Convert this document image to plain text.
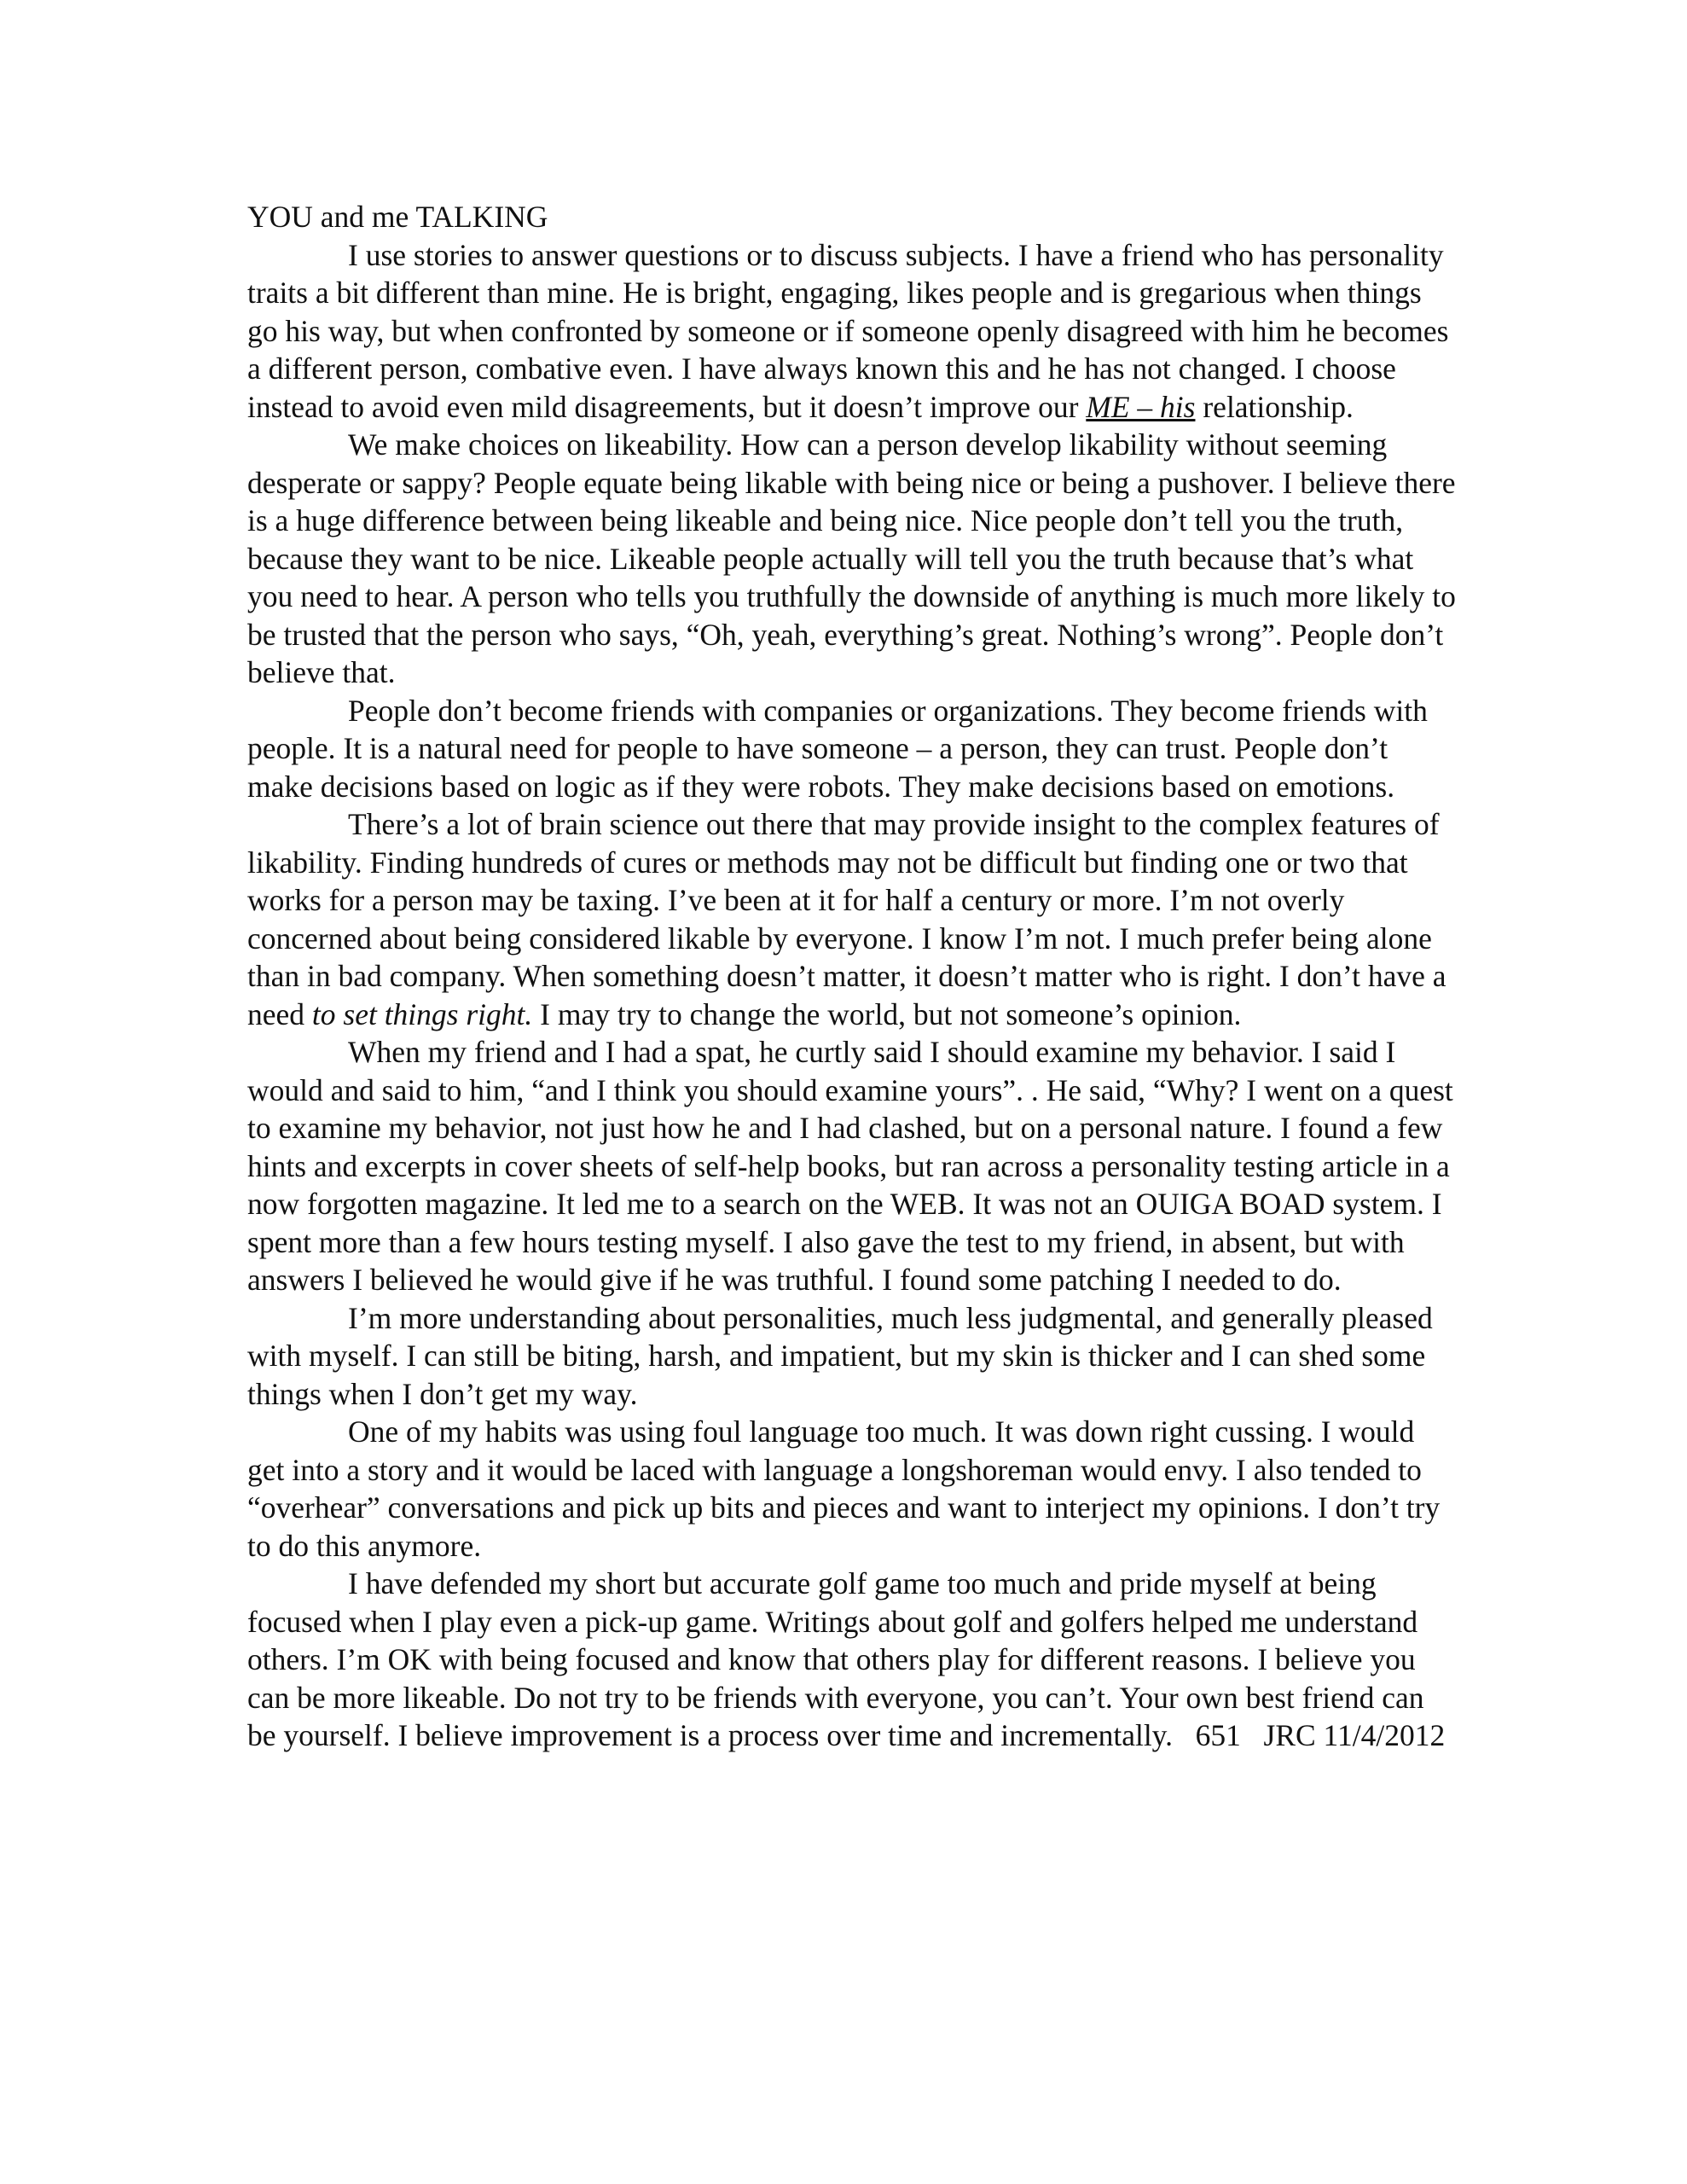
YOU and me TALKING

I use stories to answer questions or to discuss subjects. I have a friend who has personality traits a bit different than mine. He is bright, engaging, likes people and is gregarious when things go his way, but when confronted by someone or if someone openly disagreed with him he becomes a different person, combative even. I have always known this and he has not changed. I choose instead to avoid even mild disagreements, but it doesn’t improve our ME – his relationship.

We make choices on likeability. How can a person develop likability without seeming desperate or sappy? People equate being likable with being nice or being a pushover. I believe there is a huge difference between being likeable and being nice. Nice people don’t tell you the truth, because they want to be nice. Likeable people actually will tell you the truth because that’s what you need to hear. A person who tells you truthfully the downside of anything is much more likely to be trusted that the person who says, “Oh, yeah, everything’s great. Nothing’s wrong”. People don’t believe that.

People don’t become friends with companies or organizations. They become friends with people. It is a natural need for people to have someone – a person, they can trust. People don’t make decisions based on logic as if they were robots. They make decisions based on emotions.

There’s a lot of brain science out there that may provide insight to the complex features of likability. Finding hundreds of cures or methods may not be difficult but finding one or two that works for a person may be taxing. I’ve been at it for half a century or more. I’m not overly concerned about being considered likable by everyone. I know I’m not. I much prefer being alone than in bad company. When something doesn’t matter, it doesn’t matter who is right. I don’t have a need to set things right. I may try to change the world, but not someone’s opinion.

When my friend and I had a spat, he curtly said I should examine my behavior. I said I would and said to him, “and I think you should examine yours”. . He said, “Why? I went on a quest to examine my behavior, not just how he and I had clashed, but on a personal nature. I found a few hints and excerpts in cover sheets of self-help books, but ran across a personality testing article in a now forgotten magazine. It led me to a search on the WEB. It was not an OUIGA BOAD system. I spent more than a few hours testing myself. I also gave the test to my friend, in absent, but with answers I believed he would give if he was truthful. I found some patching I needed to do.

I’m more understanding about personalities, much less judgmental, and generally pleased with myself. I can still be biting, harsh, and impatient, but my skin is thicker and I can shed some things when I don’t get my way.

One of my habits was using foul language too much. It was down right cussing. I would get into a story and it would be laced with language a longshoreman would envy. I also tended to “overhear” conversations and pick up bits and pieces and want to interject my opinions. I don’t try to do this anymore.

I have defended my short but accurate golf game too much and pride myself at being focused when I play even a pick-up game. Writings about golf and golfers helped me understand others. I’m OK with being focused and know that others play for different reasons. I believe you can be more likeable. Do not try to be friends with everyone, you can’t. Your own best friend can be yourself. I believe improvement is a process over time and incrementally.   651   JRC 11/4/2012
